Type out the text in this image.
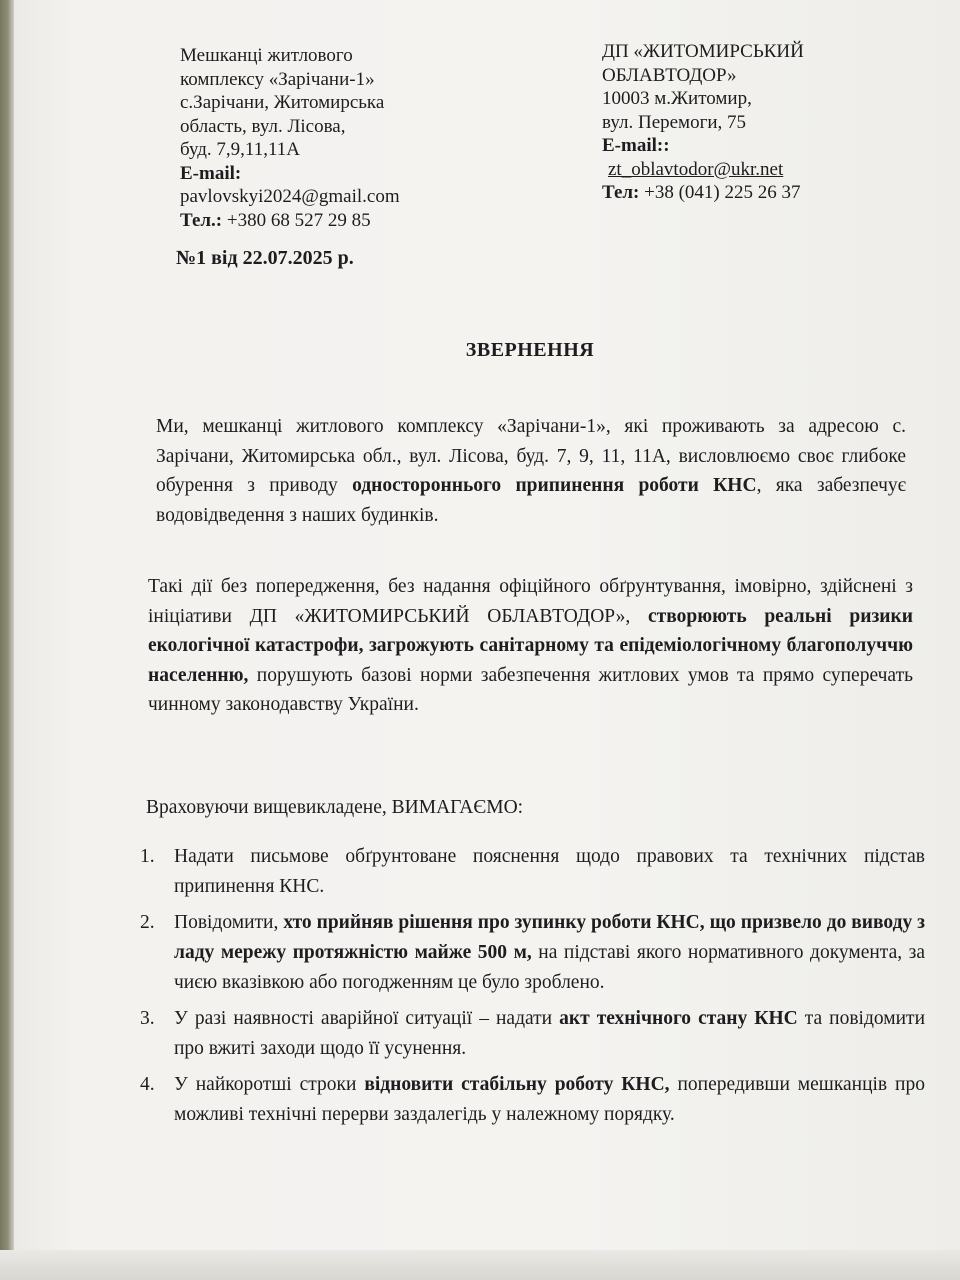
Мешканці житлового
комплексу «Зарічани-1»
с.Зарічани, Житомирська
область, вул. Лісова,
буд. 7,9,11,11А
E-mail:
pavlovskyi2024@gmail.com
Тел.: +380 68 527 29 85
ДП «ЖИТОМИРСЬКИЙ
ОБЛАВТОДОР»
10003 м.Житомир,
вул. Перемоги, 75
E-mail::
zt_oblavtodor@ukr.net
Тел: +38 (041) 225 26 37
№1 від 22.07.2025 р.
ЗВЕРНЕННЯ
Ми, мешканці житлового комплексу «Зарічани-1», які проживають за адресою с. Зарічани, Житомирська обл., вул. Лісова, буд. 7, 9, 11, 11А, висловлюємо своє глибоке обурення з приводу одностороннього припинення роботи КНС, яка забезпечує водовідведення з наших будинків.
Такі дії без попередження, без надання офіційного обґрунтування, імовірно, здійснені з ініціативи ДП «ЖИТОМИРСЬКИЙ ОБЛАВТОДОР», створюють реальні ризики екологічної катастрофи, загрожують санітарному та епідеміологічному благополуччю населенню, порушують базові норми забезпечення житлових умов та прямо суперечать чинному законодавству України.
Враховуючи вищевикладене, ВИМАГАЄМО:
1. Надати письмове обґрунтоване пояснення щодо правових та технічних підстав припинення КНС.
2. Повідомити, хто прийняв рішення про зупинку роботи КНС, що призвело до виводу з ладу мережу протяжністю майже 500 м, на підставі якого нормативного документа, за чиєю вказівкою або погодженням це було зроблено.
3. У разі наявності аварійної ситуації – надати акт технічного стану КНС та повідомити про вжиті заходи щодо її усунення.
4. У найкоротші строки відновити стабільну роботу КНС, попередивши мешканців про можливі технічні перерви заздалегідь у належному порядку.
